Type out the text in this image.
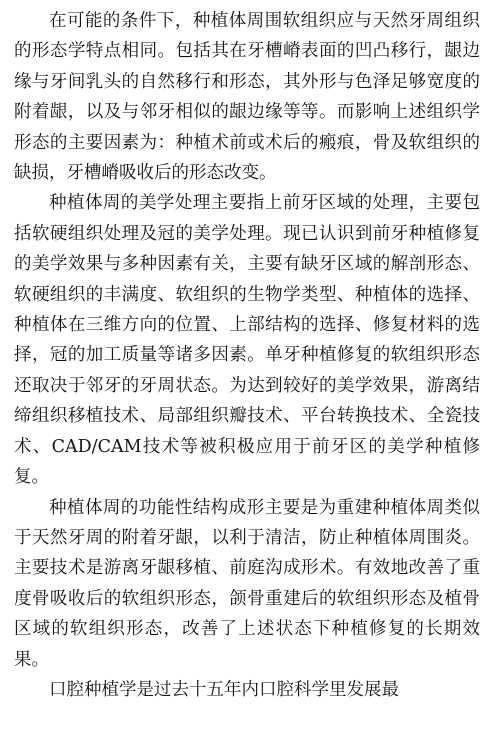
在可能的条件下，种植体周围软组织应与天然牙周组织的形态学特点相同。包括其在牙槽嵴表面的凹凸移行，龈边缘与牙间乳头的自然移行和形态，其外形与色泽足够宽度的附着龈，以及与邻牙相似的龈边缘等等。而影响上述组织学形态的主要因素为：种植术前或术后的瘢痕，骨及软组织的缺损，牙槽嵴吸收后的形态改变。

种植体周的美学处理主要指上前牙区域的处理，主要包括软硬组织处理及冠的美学处理。现已认识到前牙种植修复的美学效果与多种因素有关，主要有缺牙区域的解剖形态、软硬组织的丰满度、软组织的生物学类型、种植体的选择、种植体在三维方向的位置、上部结构的选择、修复材料的选择，冠的加工质量等诸多因素。单牙种植修复的软组织形态还取决于邻牙的牙周状态。为达到较好的美学效果，游离结缔组织移植技术、局部组织瓣技术、平台转换技术、全瓷技术、CAD/CAM技术等被积极应用于前牙区的美学种植修复。

种植体周的功能性结构成形主要是为重建种植体周类似于天然牙周的附着牙龈，以利于清洁，防止种植体周围炎。主要技术是游离牙龈移植、前庭沟成形术。有效地改善了重度骨吸收后的软组织形态，颌骨重建后的软组织形态及植骨区域的软组织形态，改善了上述状态下种植修复的长期效果。

口腔种植学是过去十五年内口腔科学里发展最
